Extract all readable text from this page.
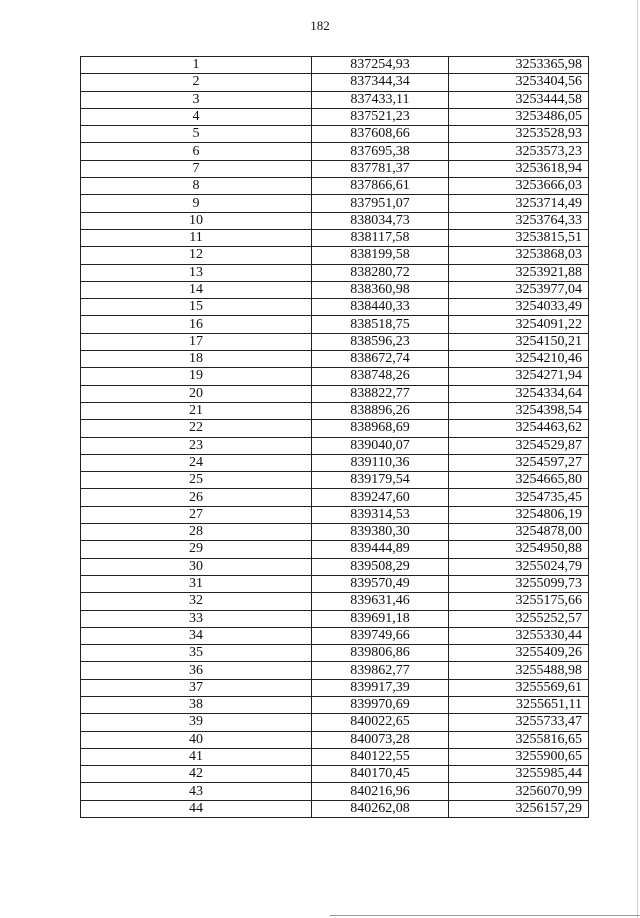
182
1	837254,93	3253365,98
2	837344,34	3253404,56
3	837433,11	3253444,58
4	837521,23	3253486,05
5	837608,66	3253528,93
6	837695,38	3253573,23
7	837781,37	3253618,94
8	837866,61	3253666,03
9	837951,07	3253714,49
10	838034,73	3253764,33
11	838117,58	3253815,51
12	838199,58	3253868,03
13	838280,72	3253921,88
14	838360,98	3253977,04
15	838440,33	3254033,49
16	838518,75	3254091,22
17	838596,23	3254150,21
18	838672,74	3254210,46
19	838748,26	3254271,94
20	838822,77	3254334,64
21	838896,26	3254398,54
22	838968,69	3254463,62
23	839040,07	3254529,87
24	839110,36	3254597,27
25	839179,54	3254665,80
26	839247,60	3254735,45
27	839314,53	3254806,19
28	839380,30	3254878,00
29	839444,89	3254950,88
30	839508,29	3255024,79
31	839570,49	3255099,73
32	839631,46	3255175,66
33	839691,18	3255252,57
34	839749,66	3255330,44
35	839806,86	3255409,26
36	839862,77	3255488,98
37	839917,39	3255569,61
38	839970,69	3255651,11
39	840022,65	3255733,47
40	840073,28	3255816,65
41	840122,55	3255900,65
42	840170,45	3255985,44
43	840216,96	3256070,99
44	840262,08	3256157,29
